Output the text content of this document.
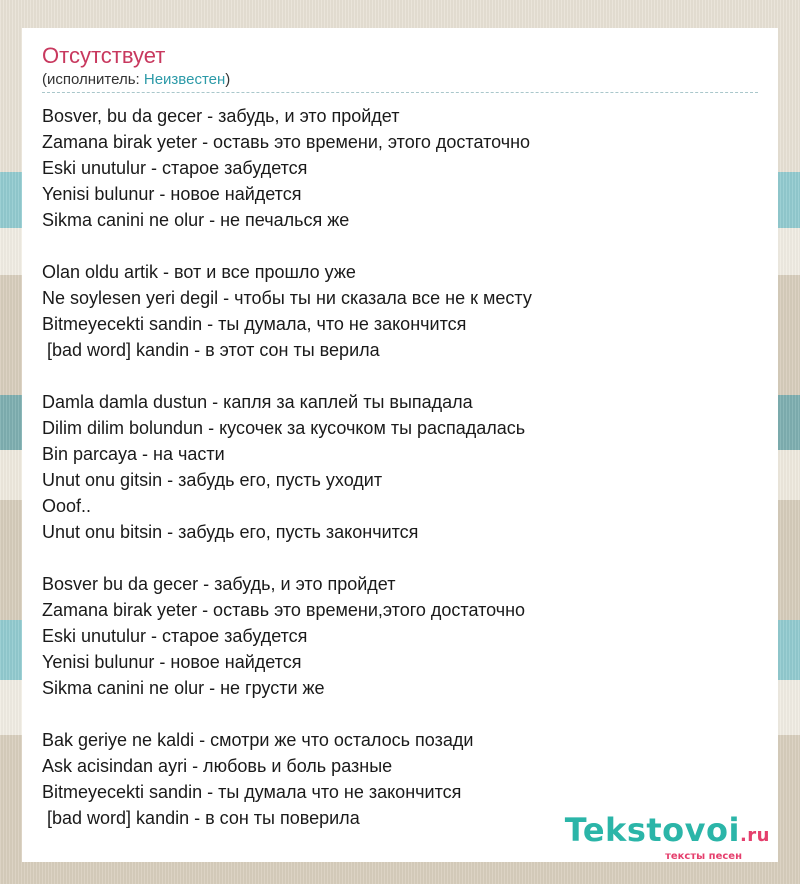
Отсутствует
(исполнитель: Неизвестен)
Bosver, bu da gecer - забудь, и это пройдет
Zamana birak yeter - оставь это времени, этого достаточно
Eski unutulur - старое забудется
Yenisi bulunur - новое найдется
Sikma canini ne olur - не печалься же
Olan oldu artik - вот и все прошло уже
Ne soylesen yeri degil - чтобы ты ни сказала все не к месту
Bitmeyecekti sandin - ты думала, что не закончится
[bad word] kandin - в этот сон ты верила
Damla damla dustun - капля за каплей ты выпадала
Dilim dilim bolundun - кусочек за кусочком ты распадалась
Bin parcaya - на части
Unut onu gitsin - забудь его, пусть уходит
Ooof..
Unut onu bitsin - забудь его, пусть закончится
Bosver bu da gecer - забудь, и это пройдет
Zamana birak yeter - оставь это времени,этого достаточно
Eski unutulur - старое забудется
Yenisi bulunur - новое найдется
Sikma canini ne olur - не грусти же
Bak geriye ne kaldi - смотри же что осталось позади
Ask acisindan ayri - любовь и боль разные
Bitmeyecekti sandin - ты думала что не закончится
[bad word] kandin - в сон ты поверила	Tekstovoi.ru
тексты песен
